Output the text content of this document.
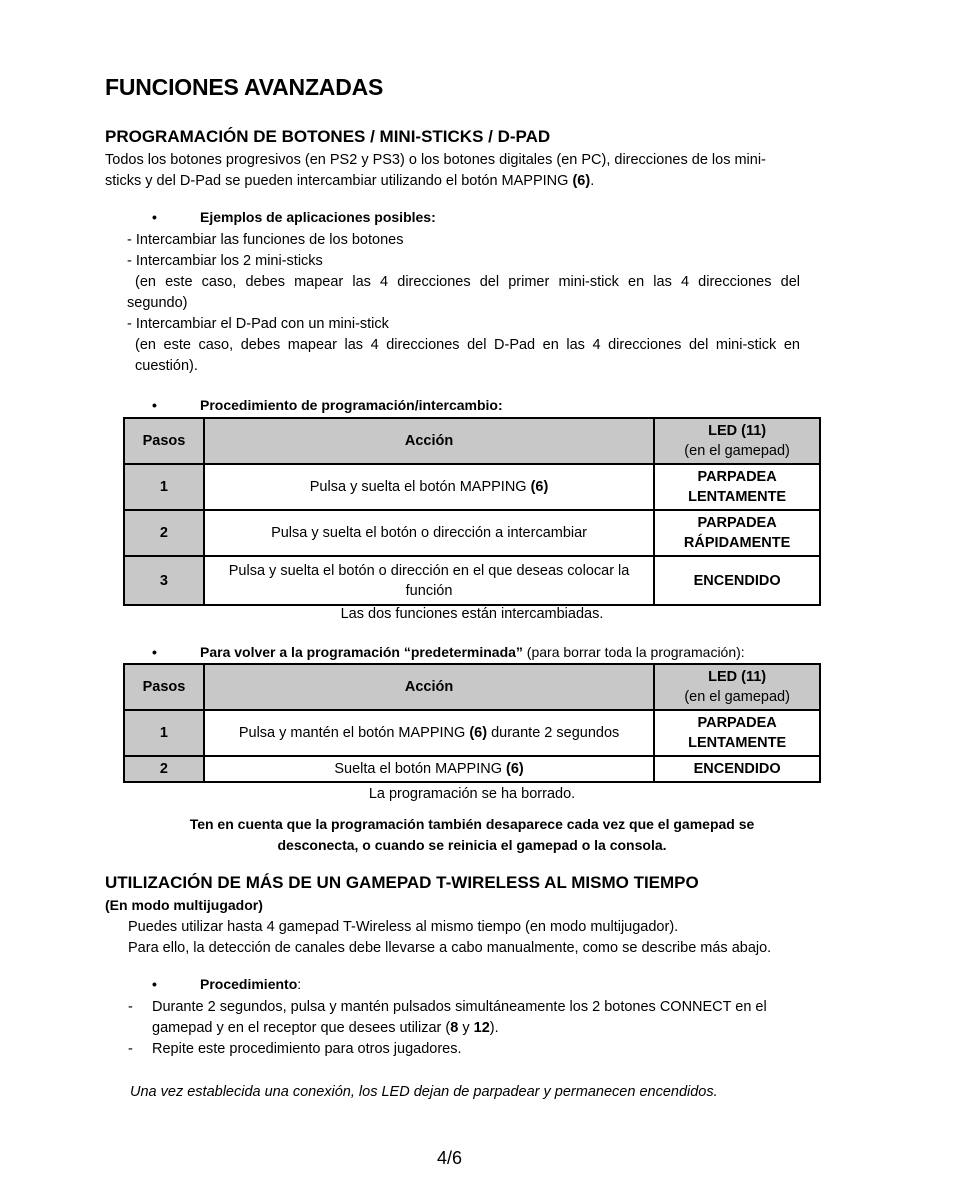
FUNCIONES AVANZADAS
PROGRAMACIÓN DE BOTONES / MINI-STICKS / D-PAD
Todos los botones progresivos (en PS2 y PS3) o los botones digitales (en PC), direcciones de los mini-
sticks y del D-Pad se pueden intercambiar utilizando el botón MAPPING (6).
•	Ejemplos de aplicaciones posibles:
- Intercambiar las funciones de los botones
- Intercambiar los 2 mini-sticks
(en este caso, debes mapear las 4 direcciones del primer mini-stick en las 4 direcciones del
segundo)
- Intercambiar el D-Pad con un mini-stick
(en este caso, debes mapear las 4 direcciones del D-Pad en las 4 direcciones del mini-stick en
cuestión).
•	Procedimiento de programación/intercambio:
Pasos	Acción	LED (11)
(en el gamepad)

1	Pulsa y suelta el botón MAPPING (6)	PARPADEA
LENTAMENTE

2	Pulsa y suelta el botón o dirección a intercambiar	PARPADEA
RÁPIDAMENTE

3	Pulsa y suelta el botón o dirección en el que deseas colocar la
función	ENCENDIDO
Las dos funciones están intercambiadas.
•	Para volver a la programación “predeterminada” (para borrar toda la programación):
Pasos	Acción	LED (11)
(en el gamepad)

1	Pulsa y mantén el botón MAPPING (6) durante 2 segundos	PARPADEA
LENTAMENTE

2	Suelta el botón MAPPING (6)	ENCENDIDO
La programación se ha borrado.
Ten en cuenta que la programación también desaparece cada vez que el gamepad se
desconecta, o cuando se reinicia el gamepad o la consola.
UTILIZACIÓN DE MÁS DE UN GAMEPAD T-WIRELESS AL MISMO TIEMPO
(En modo multijugador)
Puedes utilizar hasta 4 gamepad T-Wireless al mismo tiempo (en modo multijugador).
Para ello, la detección de canales debe llevarse a cabo manualmente, como se describe más abajo.
•	Procedimiento:
- Durante 2 segundos, pulsa y mantén pulsados simultáneamente los 2 botones CONNECT en el
gamepad y en el receptor que desees utilizar (8 y 12).
- Repite este procedimiento para otros jugadores.
Una vez establecida una conexión, los LED dejan de parpadear y permanecen encendidos.
4/6
